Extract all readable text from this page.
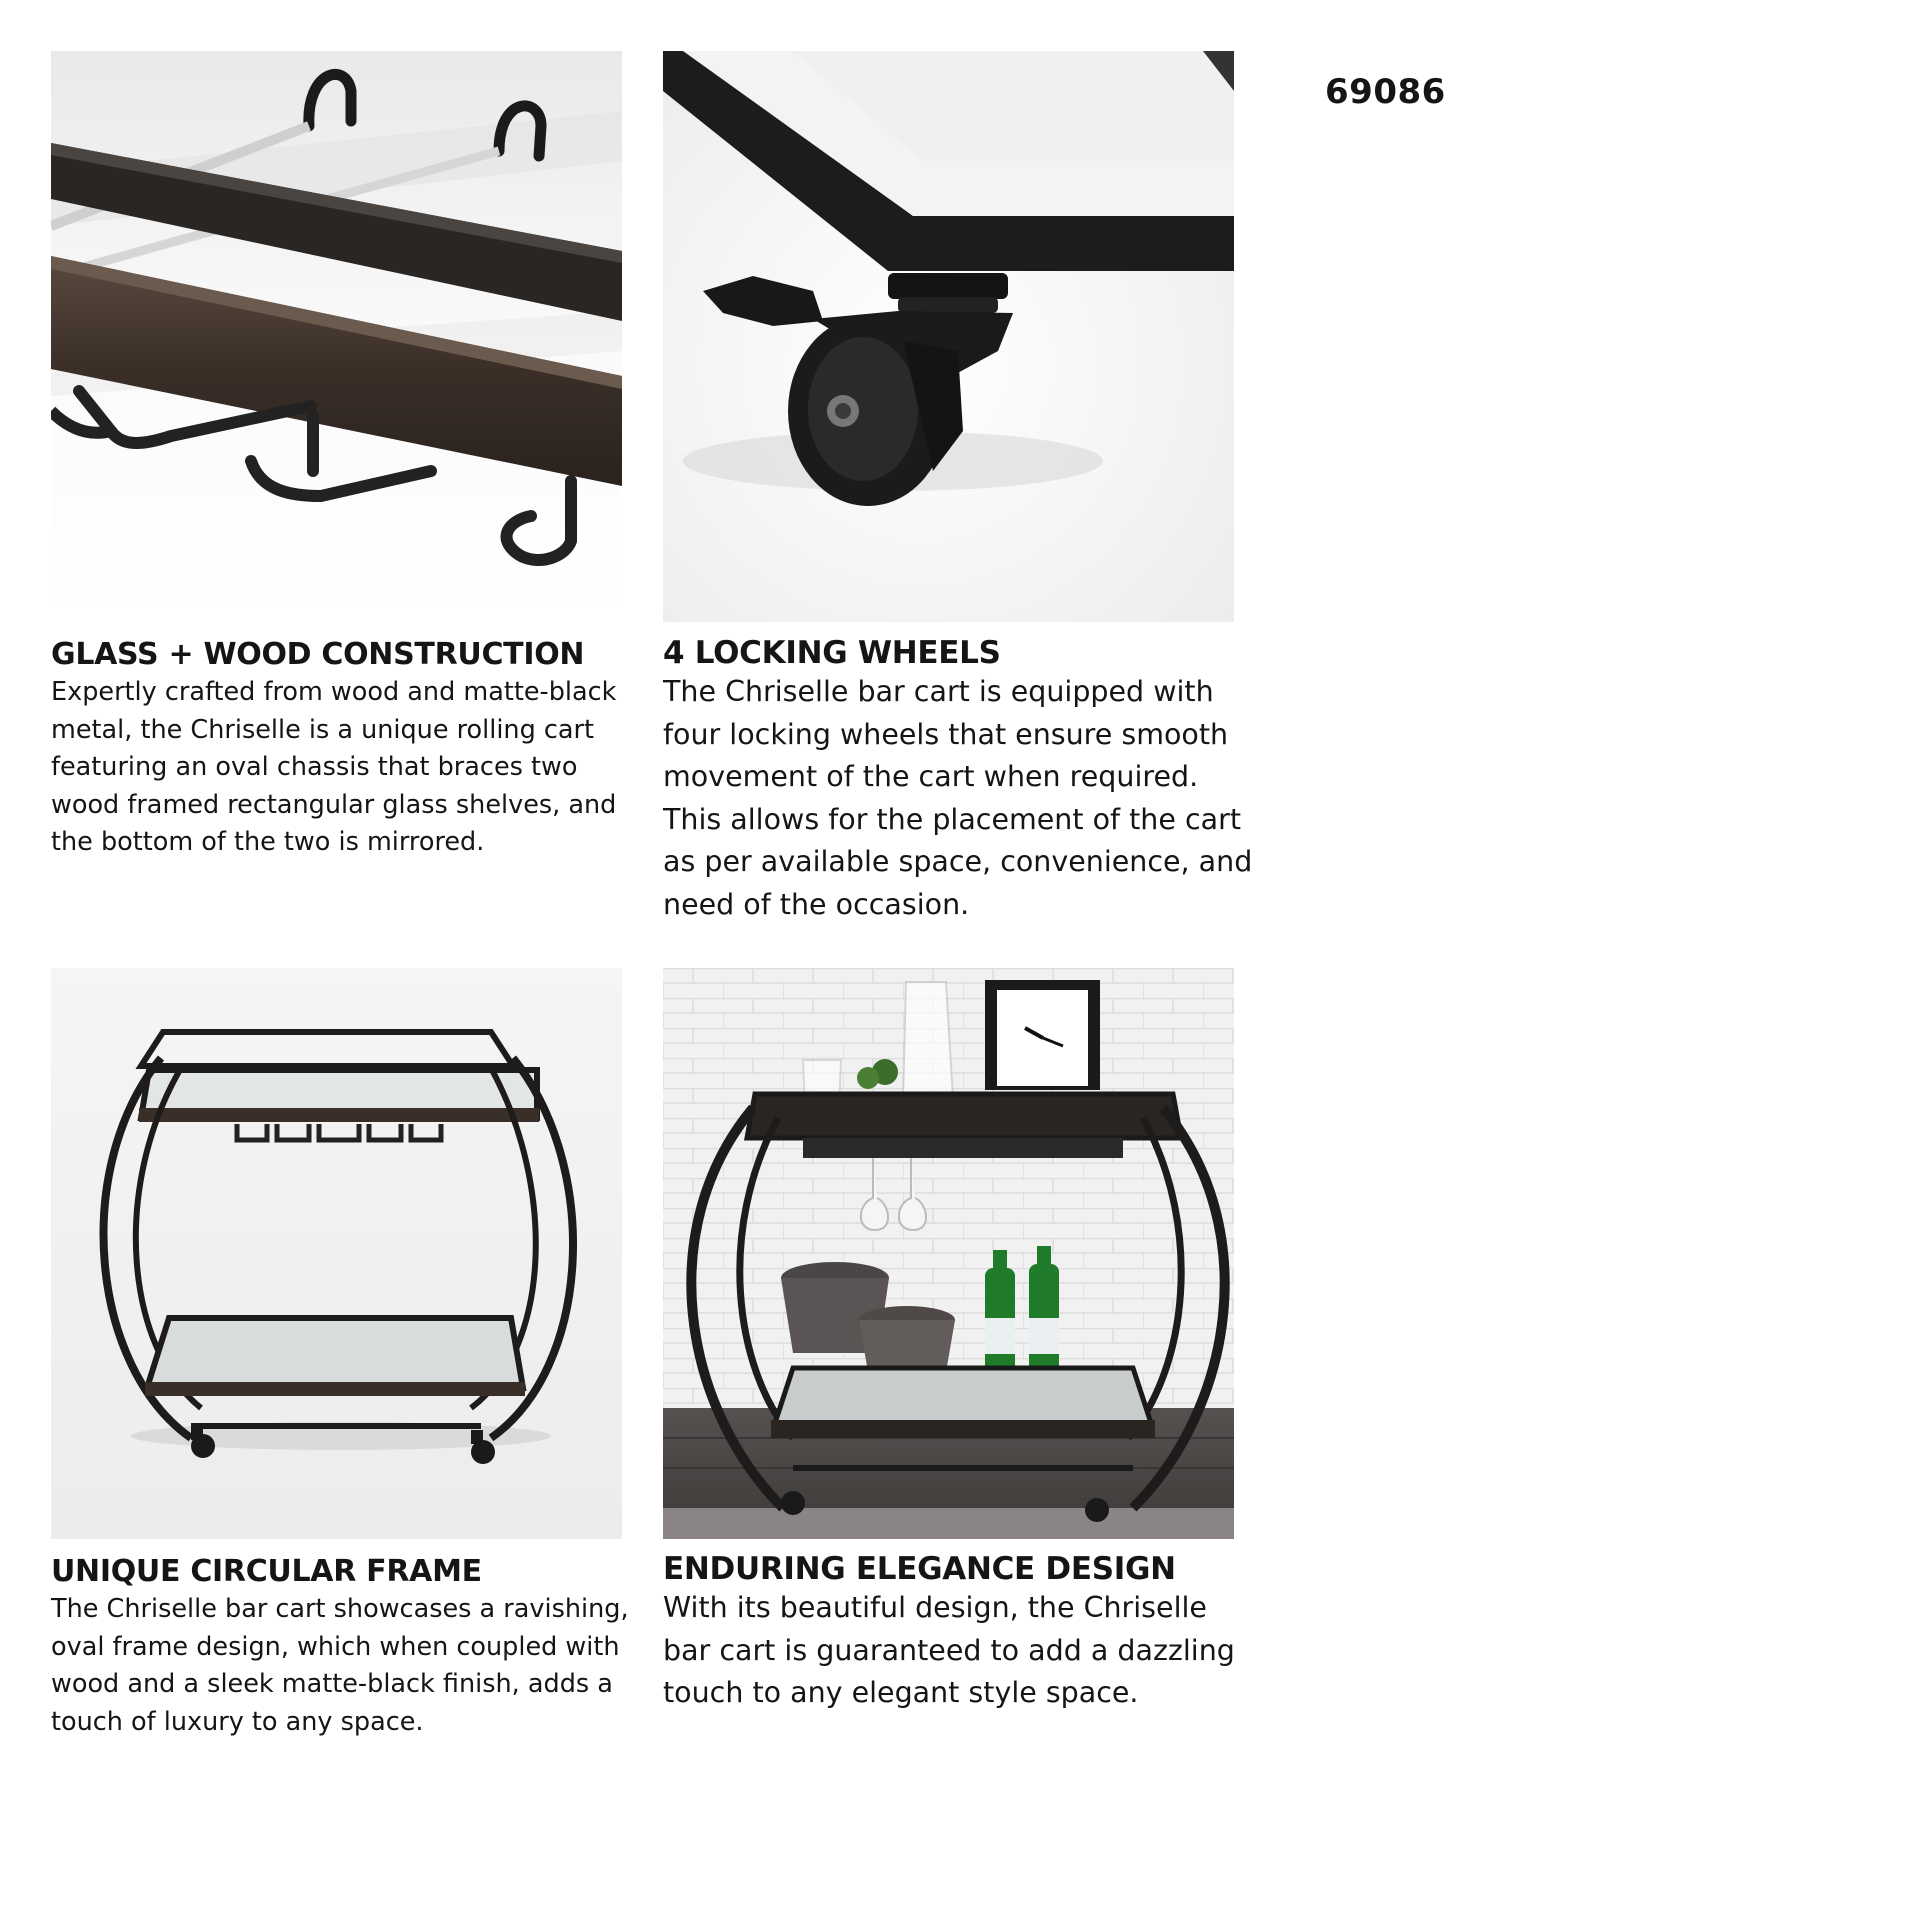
69086

GLASS + WOOD CONSTRUCTION

Expertly crafted from wood and matte-black

metal, the Chriselle is a unique rolling cart

featuring an oval chassis that braces two

wood framed rectangular glass shelves, and

the bottom of the two is mirrored.

4 LOCKING WHEELS

The Chriselle bar cart is equipped with

four locking wheels that ensure smooth

movement of the cart when required.

This allows for the placement of the cart

as per available space, convenience, and

need of the occasion.

UNIQUE CIRCULAR FRAME

The Chriselle bar cart showcases a ravishing,

oval frame design, which when coupled with

wood and a sleek matte-black finish, adds a

touch of luxury to any space.

ENDURING ELEGANCE DESIGN

With its beautiful design, the Chriselle

bar cart is guaranteed to add a dazzling

touch to any elegant style space.
